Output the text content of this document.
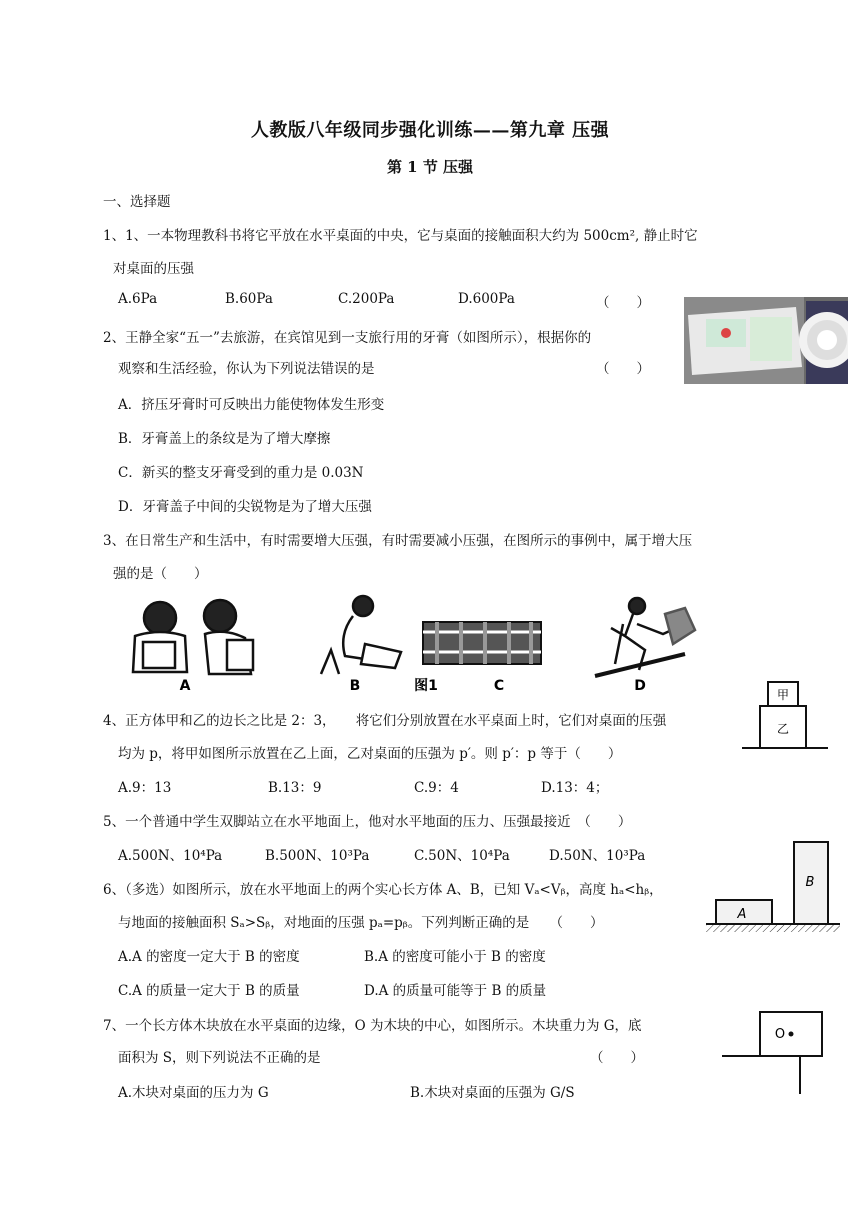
人教版八年级同步强化训练——第九章 压强
第 1 节 压强
一、选择题
1、1、一本物理教科书将它平放在水平桌面的中央，它与桌面的接触面积大约为 500cm², 静止时它
对桌面的压强
A.6Pa	B.60Pa	C.200Pa	D.600Pa	（　　）
2、王静全家“五一”去旅游，在宾馆见到一支旅行用的牙膏（如图所示），根据你的
观察和生活经验，你认为下列说法错误的是	（　　）
A．挤压牙膏时可反映出力能使物体发生形变
B．牙膏盖上的条纹是为了增大摩擦
C．新买的整支牙膏受到的重力是 0.03N
D．牙膏盖子中间的尖锐物是为了增大压强
3、在日常生产和生活中，有时需要增大压强，有时需要减小压强，在图所示的事例中，属于增大压
强的是（　　）
A	B	图1	C	D
甲
乙
4、正方体甲和乙的边长之比是 2：3，　　将它们分别放置在水平桌面上时，它们对桌面的压强
均为 p，将甲如图所示放置在乙上面，乙对桌面的压强为 p′。则 p′：p 等于（　　）
A.9：13	B.13：9	C.9：4	D.13：4；
5、一个普通中学生双脚站立在水平地面上，他对水平地面的压力、压强最接近　（　　）
A.500N、10⁴Pa	B.500N、10³Pa	C.50N、10⁴Pa	D.50N、10³Pa
A
B
6、（多选）如图所示，放在水平地面上的两个实心长方体 A、B，已知 Vₐ<Vᵦ，高度 hₐ<hᵦ，
与地面的接触面积 Sₐ>Sᵦ，对地面的压强 pₐ=pᵦ。下列判断正确的是　　（　　）
A.A 的密度一定大于 B 的密度	B.A 的密度可能小于 B 的密度
C.A 的质量一定大于 B 的质量	D.A 的质量可能等于 B 的质量
O
7、一个长方体木块放在水平桌面的边缘，O 为木块的中心，如图所示。木块重力为 G，底
面积为 S，则下列说法不正确的是	（　　）
A.木块对桌面的压力为 G	B.木块对桌面的压强为 G/S
